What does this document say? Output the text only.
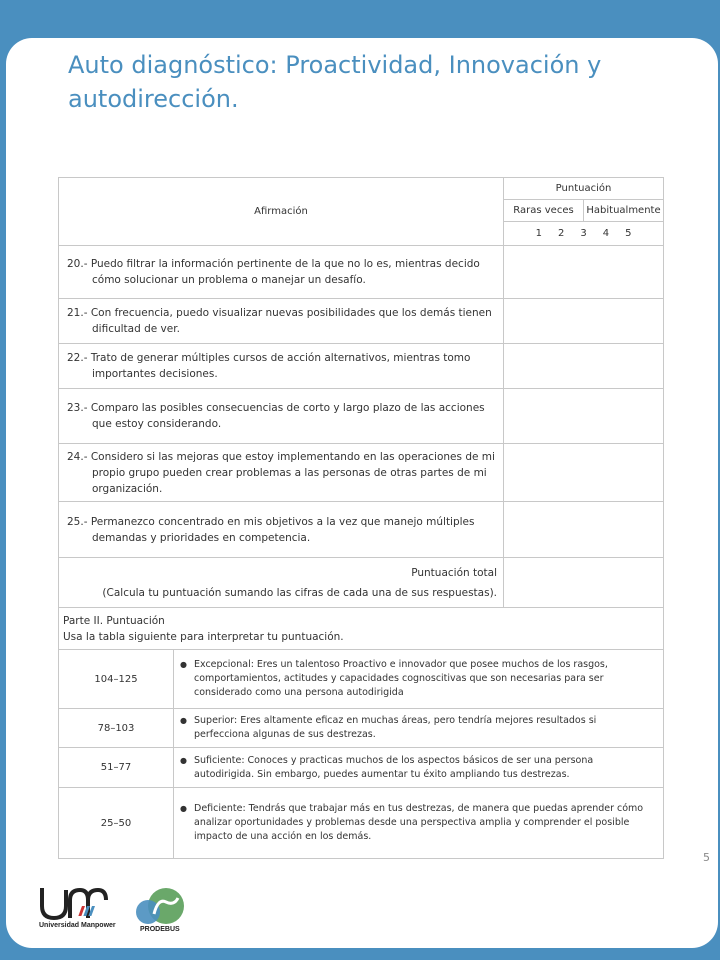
Auto diagnóstico: Proactividad, Innovación y autodirección.
Afirmación		Puntuación	
		Raras veces	Habitualmente

		1 2 3 4 5	

20.- Puedo filtrar la información pertinente de la que no lo es, mientras decido cómo solucionar un problema o manejar un desafío.			

21.- Con frecuencia, puedo visualizar nuevas posibilidades que los demás tienen dificultad de ver.			

22.- Trato de generar múltiples cursos de acción alternativos, mientras tomo importantes decisiones.			

23.- Comparo las posibles consecuencias de corto y largo plazo de las acciones que estoy considerando.			

24.- Considero si las mejoras que estoy implementando en las operaciones de mi propio grupo pueden crear problemas a las personas de otras partes de mi organización.			

25.- Permanezco concentrado en mis objetivos a la vez que manejo múltiples demandas y prioridades en competencia.			

Puntuación total
(Calcula tu puntuación sumando las cifras de cada una de sus respuestas).			

Parte II. Puntuación
Usa la tabla siguiente para interpretar tu puntuación.			

104–125	● Excepcional: Eres un talentoso Proactivo e innovador que posee muchos de los rasgos, comportamientos, actitudes y capacidades cognoscitivas que son necesarias para ser considerado como una persona autodirigida		

78–103	● Superior: Eres altamente eficaz en muchas áreas, pero tendría mejores resultados si perfecciona algunas de sus destrezas.		

51–77	● Suficiente: Conoces y practicas muchos de los aspectos básicos de ser una persona autodirigida. Sin embargo, puedes aumentar tu éxito ampliando tus destrezas.		

25–50	● Deficiente: Tendrás que trabajar más en tus destrezas, de manera que puedas aprender cómo analizar oportunidades y problemas desde una perspectiva amplia y comprender el posible impacto de una acción en los demás.		
5
Universidad Manpower
PRODEBUS
